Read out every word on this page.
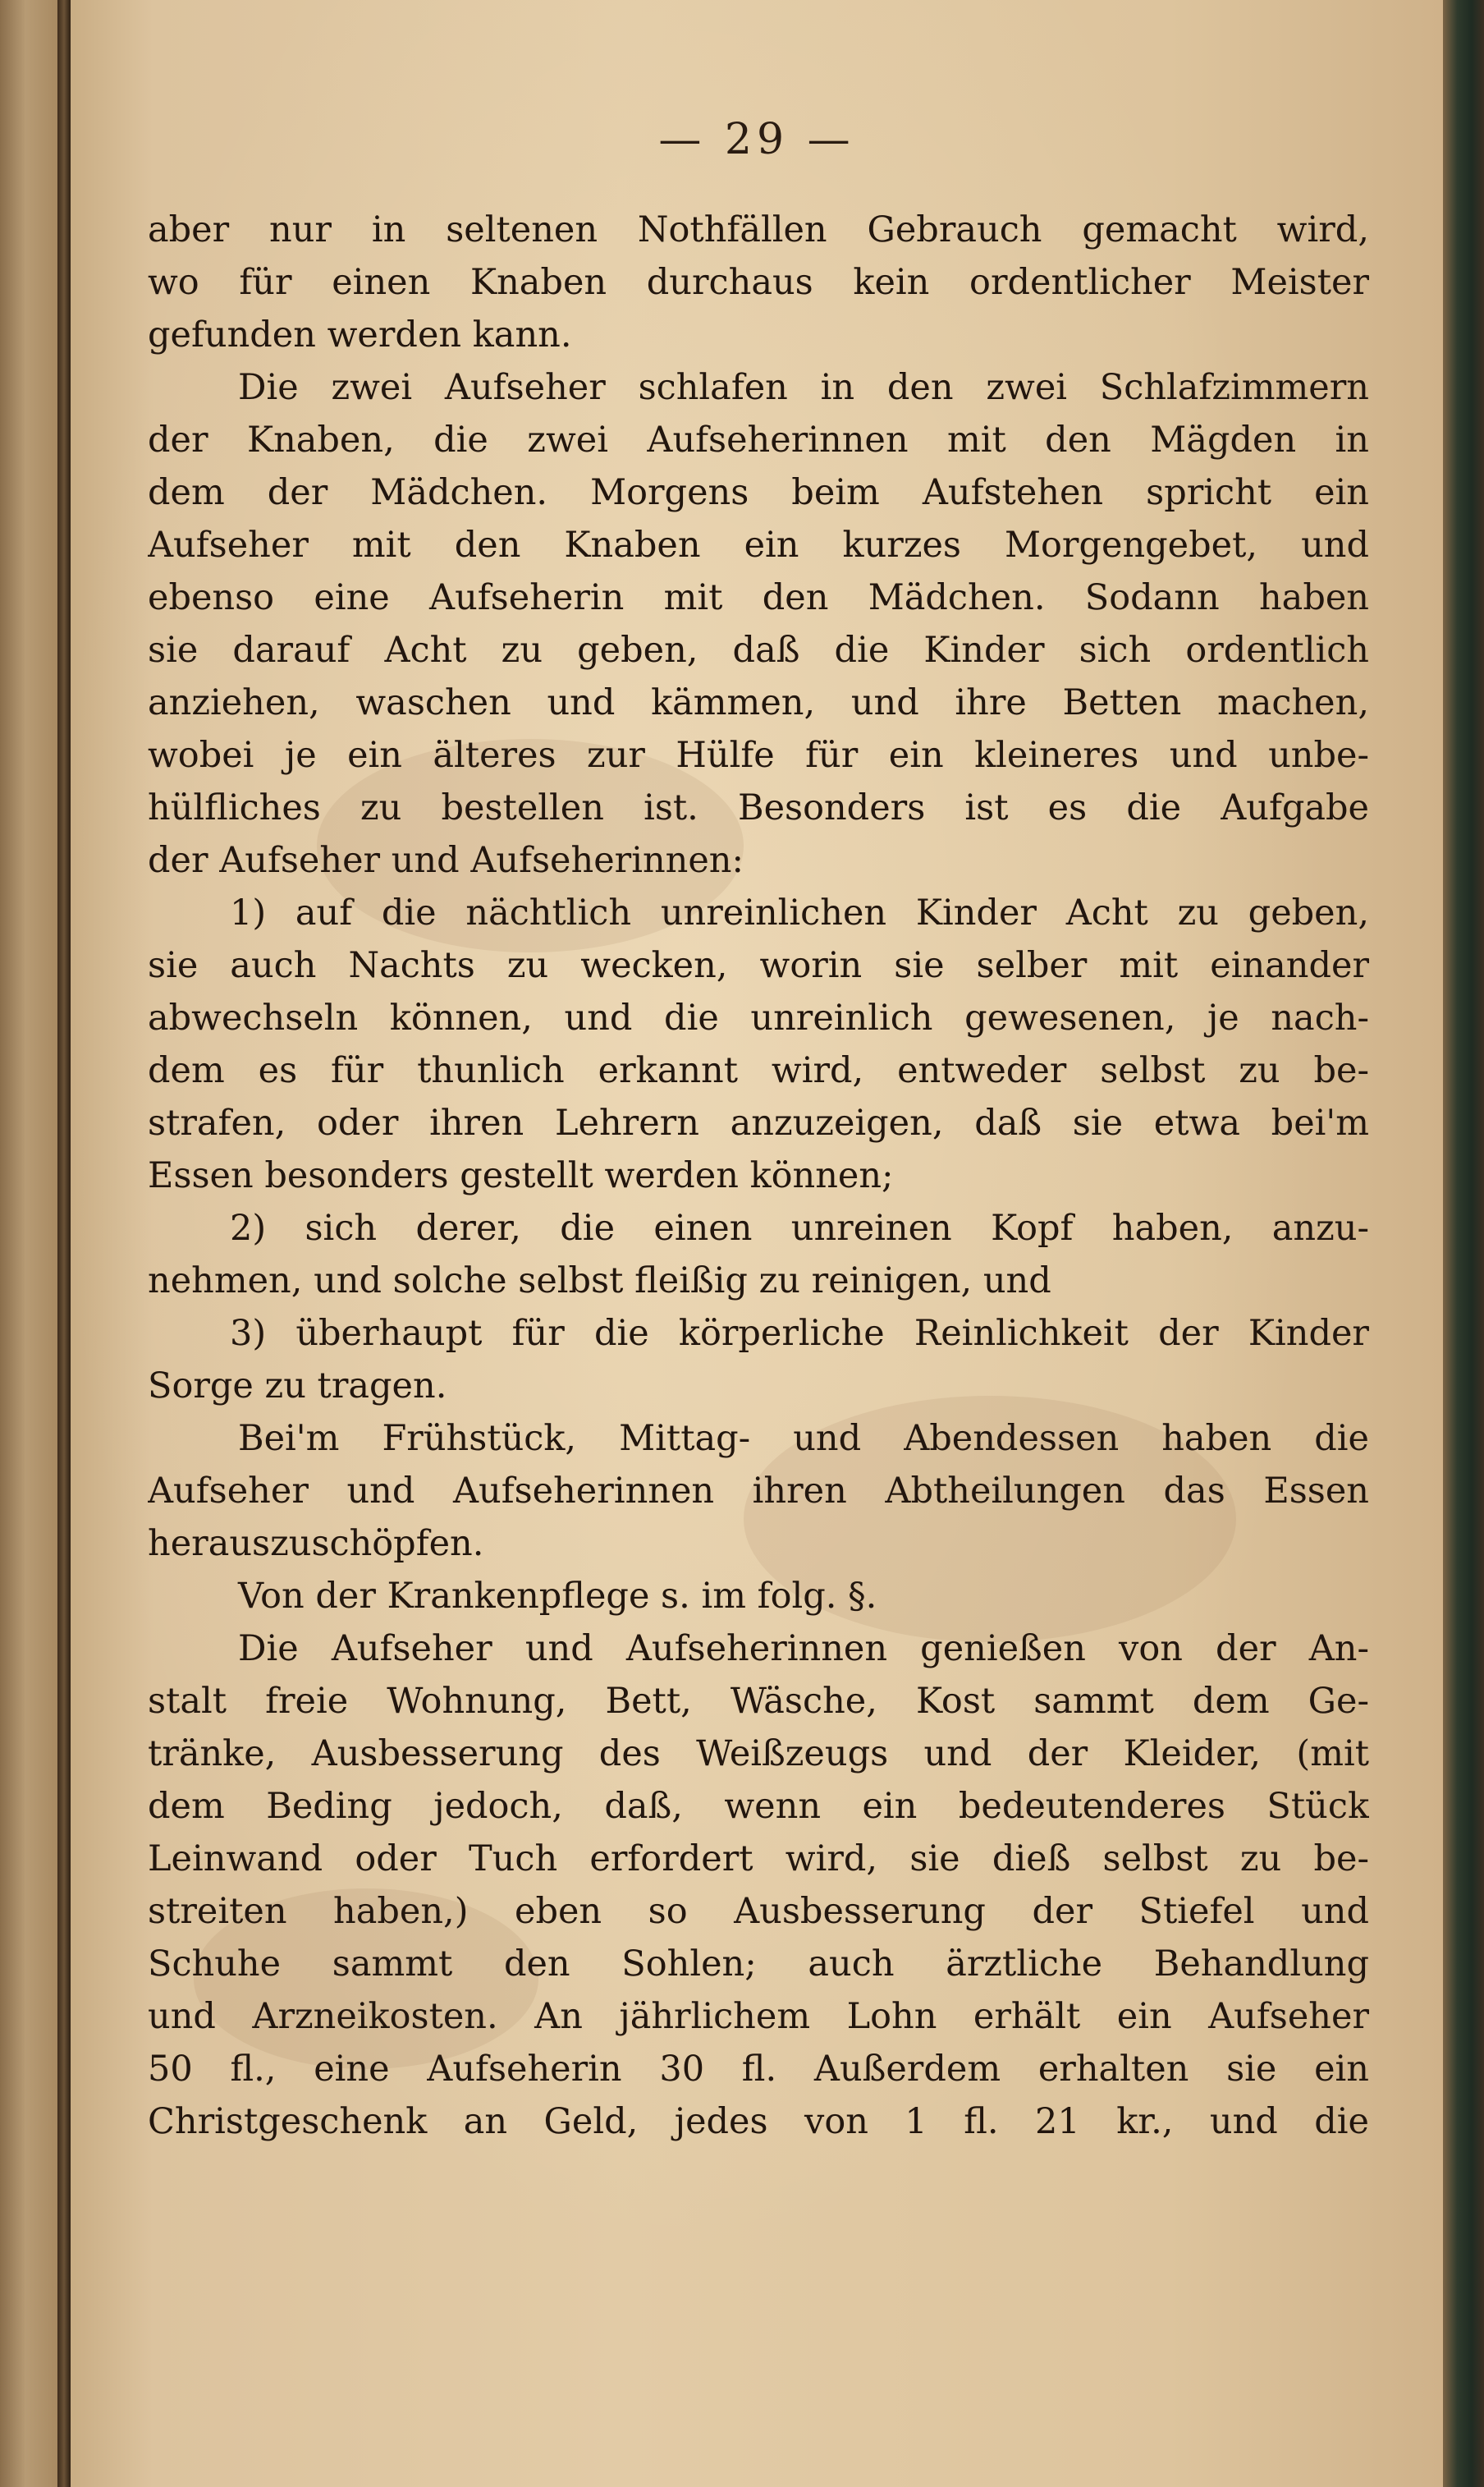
— 29 —
aber nur in seltenen Nothfällen Gebrauch gemacht wird,
wo für einen Knaben durchaus kein ordentlicher Meister
gefunden werden kann.
Die zwei Aufseher schlafen in den zwei Schlafzimmern
der Knaben, die zwei Aufseherinnen mit den Mägden in
dem der Mädchen. Morgens beim Aufstehen spricht ein
Aufseher mit den Knaben ein kurzes Morgengebet, und
ebenso eine Aufseherin mit den Mädchen. Sodann haben
sie darauf Acht zu geben, daß die Kinder sich ordentlich
anziehen, waschen und kämmen, und ihre Betten machen,
wobei je ein älteres zur Hülfe für ein kleineres und unbe-
hülfliches zu bestellen ist. Besonders ist es die Aufgabe
der Aufseher und Aufseherinnen:
1) auf die nächtlich unreinlichen Kinder Acht zu geben,
sie auch Nachts zu wecken, worin sie selber mit einander
abwechseln können, und die unreinlich gewesenen, je nach-
dem es für thunlich erkannt wird, entweder selbst zu be-
strafen, oder ihren Lehrern anzuzeigen, daß sie etwa bei'm
Essen besonders gestellt werden können;
2) sich derer, die einen unreinen Kopf haben, anzu-
nehmen, und solche selbst fleißig zu reinigen, und
3) überhaupt für die körperliche Reinlichkeit der Kinder
Sorge zu tragen.
Bei'm Frühstück, Mittag- und Abendessen haben die
Aufseher und Aufseherinnen ihren Abtheilungen das Essen
herauszuschöpfen.
Von der Krankenpflege s. im folg. §.
Die Aufseher und Aufseherinnen genießen von der An-
stalt freie Wohnung, Bett, Wäsche, Kost sammt dem Ge-
tränke, Ausbesserung des Weißzeugs und der Kleider, (mit
dem Beding jedoch, daß, wenn ein bedeutenderes Stück
Leinwand oder Tuch erfordert wird, sie dieß selbst zu be-
streiten haben,) eben so Ausbesserung der Stiefel und
Schuhe sammt den Sohlen; auch ärztliche Behandlung
und Arzneikosten. An jährlichem Lohn erhält ein Aufseher
50 fl., eine Aufseherin 30 fl. Außerdem erhalten sie ein
Christgeschenk an Geld, jedes von 1 fl. 21 kr., und die
